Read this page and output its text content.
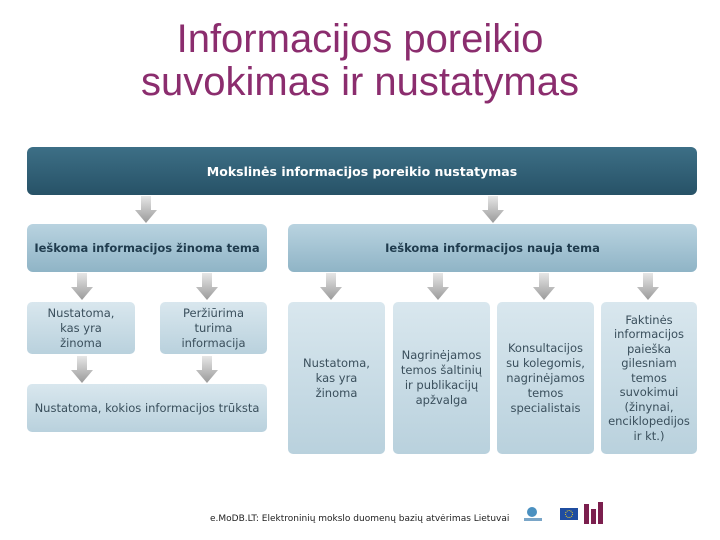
Informacijos poreikio
suvokimas ir nustatymas
Mokslinės informacijos poreikio nustatymas
Ieškoma informacijos žinoma tema	Ieškoma informacijos nauja tema
Nustatoma,
kas yra
žinoma
Peržiūrima
turima
informacija
Nustatoma, kokios informacijos trūksta
Nustatoma,
kas yra
žinoma
Nagrinėjamos
temos šaltinių
ir publikacijų
apžvalga
Konsultacijos
su kolegomis,
nagrinėjamos
temos
specialistais
Faktinės
informacijos
paieška
gilesniam
temos
suvokimui
(žinynai,
enciklopedijos
ir kt.)
e.MoDB.LT: Elektroninių mokslo duomenų bazių atvėrimas Lietuvai
